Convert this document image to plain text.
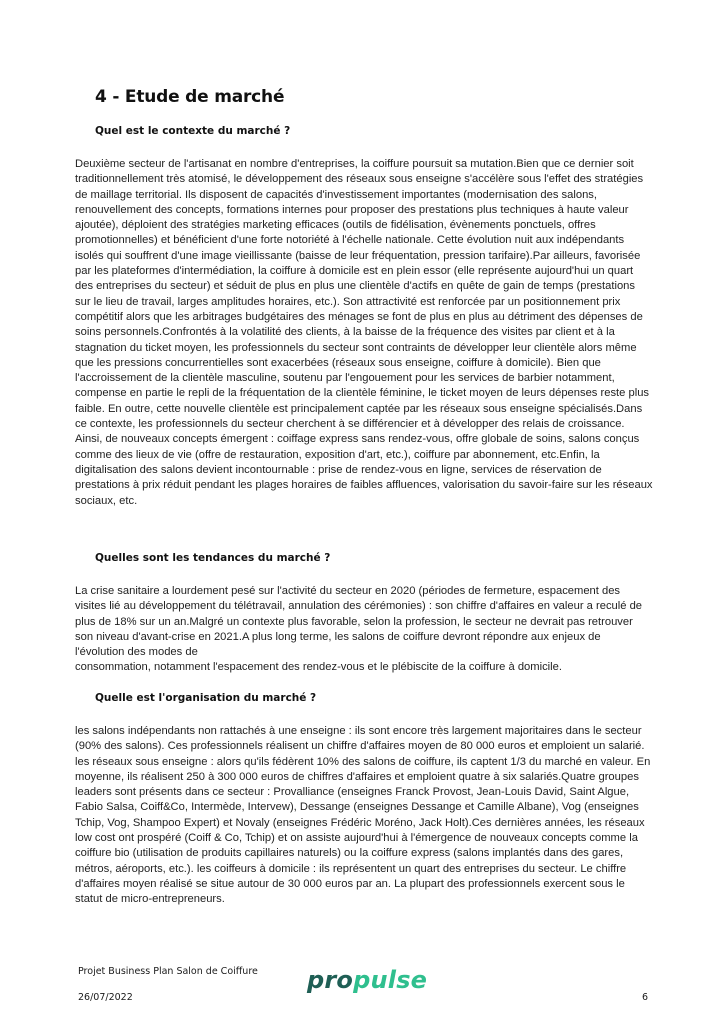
4 - Etude de marché
Quel est le contexte du marché ?

Deuxième secteur de l'artisanat en nombre d'entreprises, la coiffure poursuit sa mutation.Bien que ce dernier soit traditionnellement très atomisé, le développement des réseaux sous enseigne s'accélère sous l'effet des stratégies de maillage territorial. Ils disposent de capacités d'investissement importantes (modernisation des salons, renouvellement des concepts, formations internes pour proposer des prestations plus techniques à haute valeur ajoutée), déploient des stratégies marketing efficaces (outils de fidélisation, évènements ponctuels, offres promotionnelles) et bénéficient d'une forte notoriété à l'échelle nationale. Cette évolution nuit aux indépendants isolés qui souffrent d'une image vieillissante (baisse de leur fréquentation, pression tarifaire).Par ailleurs, favorisée par les plateformes d'intermédiation, la coiffure à domicile est en plein essor (elle représente aujourd'hui un quart des entreprises du secteur) et séduit de plus en plus une clientèle d'actifs en quête de gain de temps (prestations sur le lieu de travail, larges amplitudes horaires, etc.). Son attractivité est renforcée par un positionnement prix compétitif alors que les arbitrages budgétaires des ménages se font de plus en plus au détriment des dépenses de soins personnels.Confrontés à la volatilité des clients, à la baisse de la fréquence des visites par client et à la stagnation du ticket moyen, les professionnels du secteur sont contraints de développer leur clientèle alors même que les pressions concurrentielles sont exacerbées (réseaux sous enseigne, coiffure à domicile). Bien que l'accroissement de la clientèle masculine, soutenu par l'engouement pour les services de barbier notamment, compense en partie le repli de la fréquentation de la clientèle féminine, le ticket moyen de leurs dépenses reste plus faible. En outre, cette nouvelle clientèle est principalement captée par les réseaux sous enseigne spécialisés.Dans ce contexte, les professionnels du secteur cherchent à se différencier et à développer des relais de croissance. Ainsi, de nouveaux concepts émergent : coiffage express sans rendez-vous, offre globale de soins, salons conçus comme des lieux de vie (offre de restauration, exposition d'art, etc.), coiffure par abonnement, etc.Enfin, la digitalisation des salons devient incontournable : prise de rendez-vous en ligne, services de réservation de prestations à prix réduit pendant les plages horaires de faibles affluences, valorisation du savoir-faire sur les réseaux sociaux, etc.

Quelles sont les tendances du marché ?

La crise sanitaire a lourdement pesé sur l'activité du secteur en 2020 (périodes de fermeture, espacement des visites lié au développement du télétravail, annulation des cérémonies) : son chiffre d'affaires en valeur a reculé de plus de 18% sur un an.Malgré un contexte plus favorable, selon la profession, le secteur ne devrait pas retrouver son niveau d'avant-crise en 2021.A plus long terme, les salons de coiffure devront répondre aux enjeux de l'évolution des modes de
consommation, notamment l'espacement des rendez-vous et le plébiscite de la coiffure à domicile.

Quelle est l'organisation du marché ?

les salons indépendants non rattachés à une enseigne : ils sont encore très largement majoritaires dans le secteur (90% des salons). Ces professionnels réalisent un chiffre d'affaires moyen de 80 000 euros et emploient un salarié. les réseaux sous enseigne : alors qu'ils fédèrent 10% des salons de coiffure, ils captent 1/3 du marché en valeur. En moyenne, ils réalisent 250 à 300 000 euros de chiffres d'affaires et emploient quatre à six salariés.Quatre groupes leaders sont présents dans ce secteur : Provalliance (enseignes Franck Provost, Jean-Louis David, Saint Algue, Fabio Salsa, Coiff&Co, Intermède, Intervew), Dessange (enseignes Dessange et Camille Albane), Vog (enseignes Tchip, Vog, Shampoo Expert) et Novaly (enseignes Frédéric Moréno, Jack Holt).Ces dernières années, les réseaux low cost ont prospéré (Coiff & Co, Tchip) et on assiste aujourd'hui à l'émergence de nouveaux concepts comme la coiffure bio (utilisation de produits capillaires naturels) ou la coiffure express (salons implantés dans des gares, métros, aéroports, etc.). les coiffeurs à domicile : ils représentent un quart des entreprises du secteur. Le chiffre d'affaires moyen réalisé se situe autour de 30 000 euros par an. La plupart des professionnels exercent sous le statut de micro-entrepreneurs.

Projet Business Plan Salon de Coiffure
26/07/2022
propulse
6
